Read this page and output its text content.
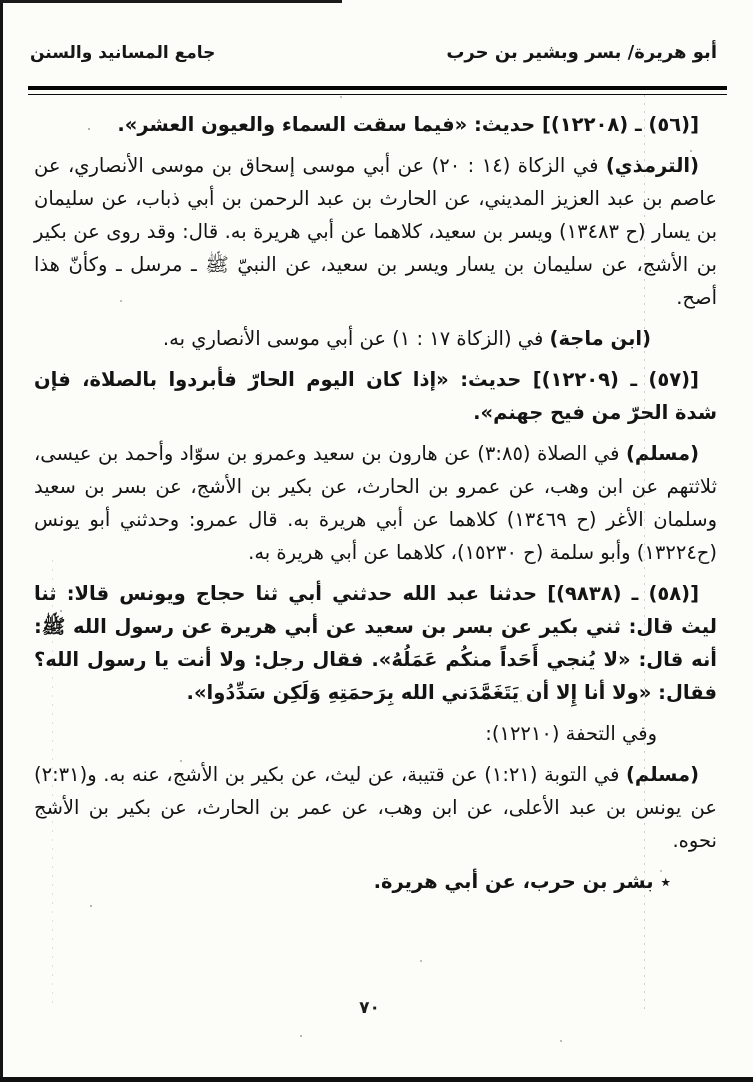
أبو هريرة/ بسر وبشير بن حرب
جامع المسانيد والسنن

[(٥٦) ـ (١٢٢٠٨)] حديث: «فيما سقت السماء والعيون العشر».

(الترمذي) في الزكاة (١٤ : ٢٠) عن أبي موسى إسحاق بن موسى الأنصاري، عن عاصم بن عبد العزيز المديني، عن الحارث بن عبد الرحمن بن أبي ذباب، عن سليمان بن يسار (ح ١٣٤٨٣) ويسر بن سعيد، كلاهما عن أبي هريرة به. قال: وقد روى عن بكير بن الأشج، عن سليمان بن يسار ويسر بن سعيد، عن النبيّ ﷺ ـ مرسل ـ وكأنّ هذا أصح.

(ابن ماجة) في (الزكاة ١٧ : ١) عن أبي موسى الأنصاري به.

[(٥٧) ـ (١٢٢٠٩)] حديث: «إذا كان اليوم الحارّ فأبردوا بالصلاة، فإن شدة الحرّ من فيح جهنم».

(مسلم) في الصلاة (٣:٨٥) عن هارون بن سعيد وعمرو بن سوّاد وأحمد بن عيسى، ثلاثتهم عن ابن وهب، عن عمرو بن الحارث، عن بكير بن الأشج، عن بسر بن سعيد وسلمان الأغر (ح ١٣٤٦٩) كلاهما عن أبي هريرة به. قال عمرو: وحدثني أبو يونس (ح١٣٢٢٤) وأبو سلمة (ح ١٥٢٣٠)، كلاهما عن أبي هريرة به.

[(٥٨) ـ (٩٨٣٨)] حدثنا عبد الله حدثني أبي ثنا حجاج ويونس قالا: ثنا ليث قال: ثني بكير عن بسر بن سعيد عن أبي هريرة عن رسول الله ﷺ: أنه قال: «لا يُنجي أَحَداً منكُم عَمَلُهُ». فقال رجل: ولا أنت يا رسول الله؟ فقال: «ولا أنا إِلا أن يَتَغَمَّدَني الله بِرَحمَتِهِ وَلَكِن سَدِّدُوا».

وفي التحفة (١٢٢١٠):

(مسلم) في التوبة (١:٢١) عن قتيبة، عن ليث، عن بكير بن الأشج، عنه به. و(٢:٣١) عن يونس بن عبد الأعلى، عن ابن وهب، عن عمر بن الحارث، عن بكير بن الأشج نحوه.

٭ بشر بن حرب، عن أبي هريرة.

٧٠
